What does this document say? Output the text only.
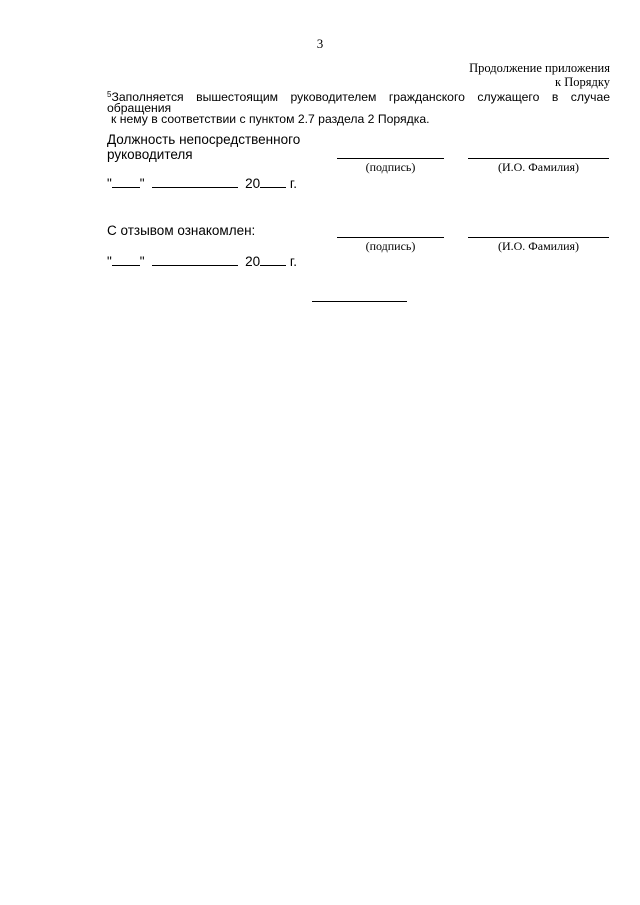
3
Продолжение приложения
к Порядку
$^5$Заполняется вышестоящим руководителем гражданского служащего в случае обращения
к нему в соответствии с пунктом 2.7 раздела 2 Порядка.
Должность непосредственного
руководителя
(подпись)	(И.О. Фамилия)
" "	20 г.
С отзывом ознакомлен:
(подпись)	(И.О. Фамилия)
" "	20 г.
